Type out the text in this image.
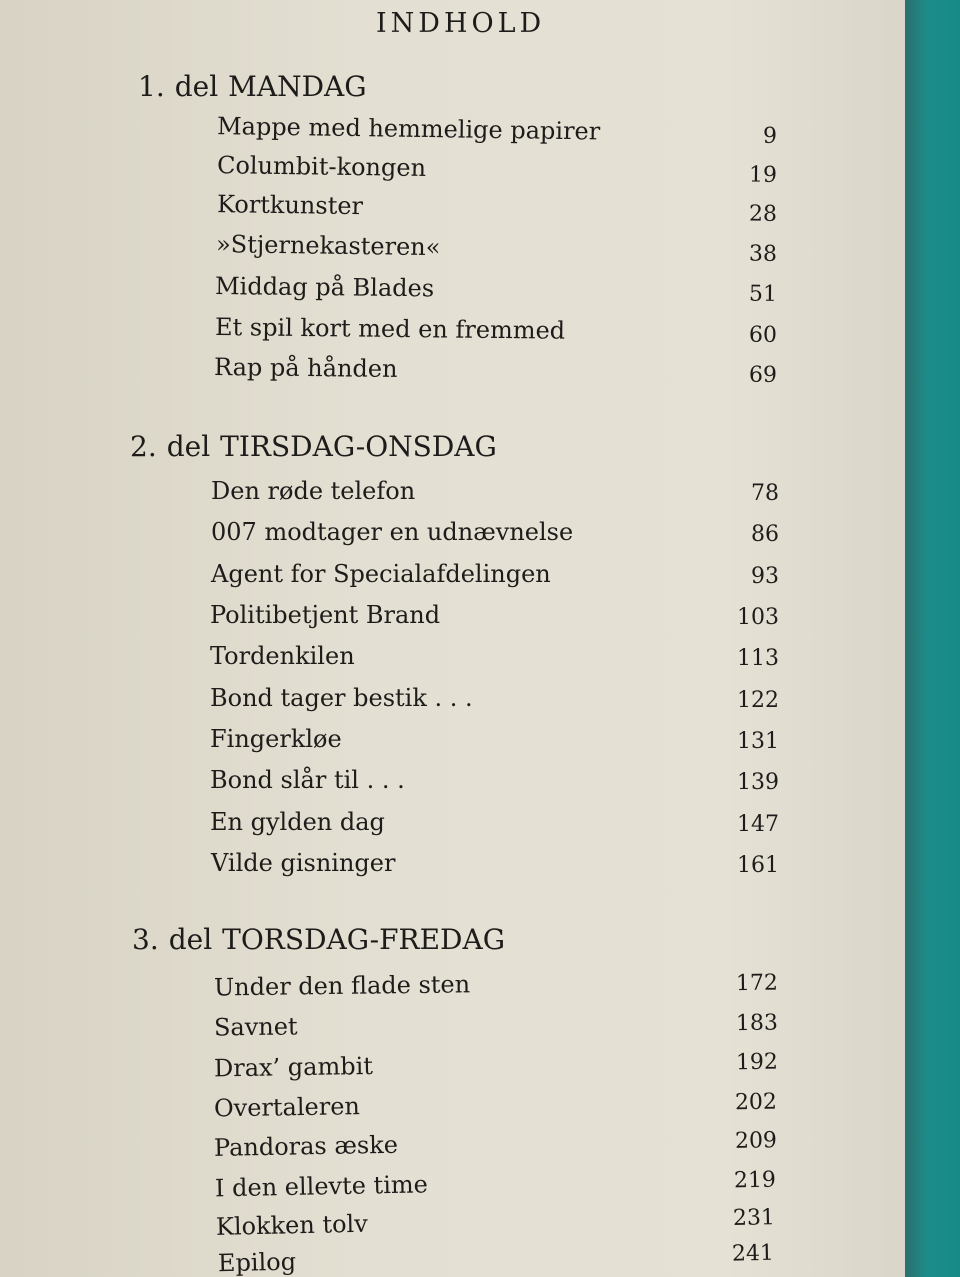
INDHOLD
1. del MANDAG
Mappe med hemmelige papirer	9
Columbit-kongen	19
Kortkunster	28
»Stjernekasteren«	38
Middag på Blades	51
Et spil kort med en fremmed	60
Rap på hånden	69
2. del TIRSDAG-ONSDAG
Den røde telefon	78
007 modtager en udnævnelse	86
Agent for Specialafdelingen	93
Politibetjent Brand	103
Tordenkilen	113
Bond tager bestik . . .	122
Fingerkløe	131
Bond slår til . . .	139
En gylden dag	147
Vilde gisninger	161
3. del TORSDAG-FREDAG
Under den flade sten	172
Savnet	183
Drax’ gambit	192
Overtaleren	202
Pandoras æske	209
I den ellevte time	219
Klokken tolv	231
Epilog	241
